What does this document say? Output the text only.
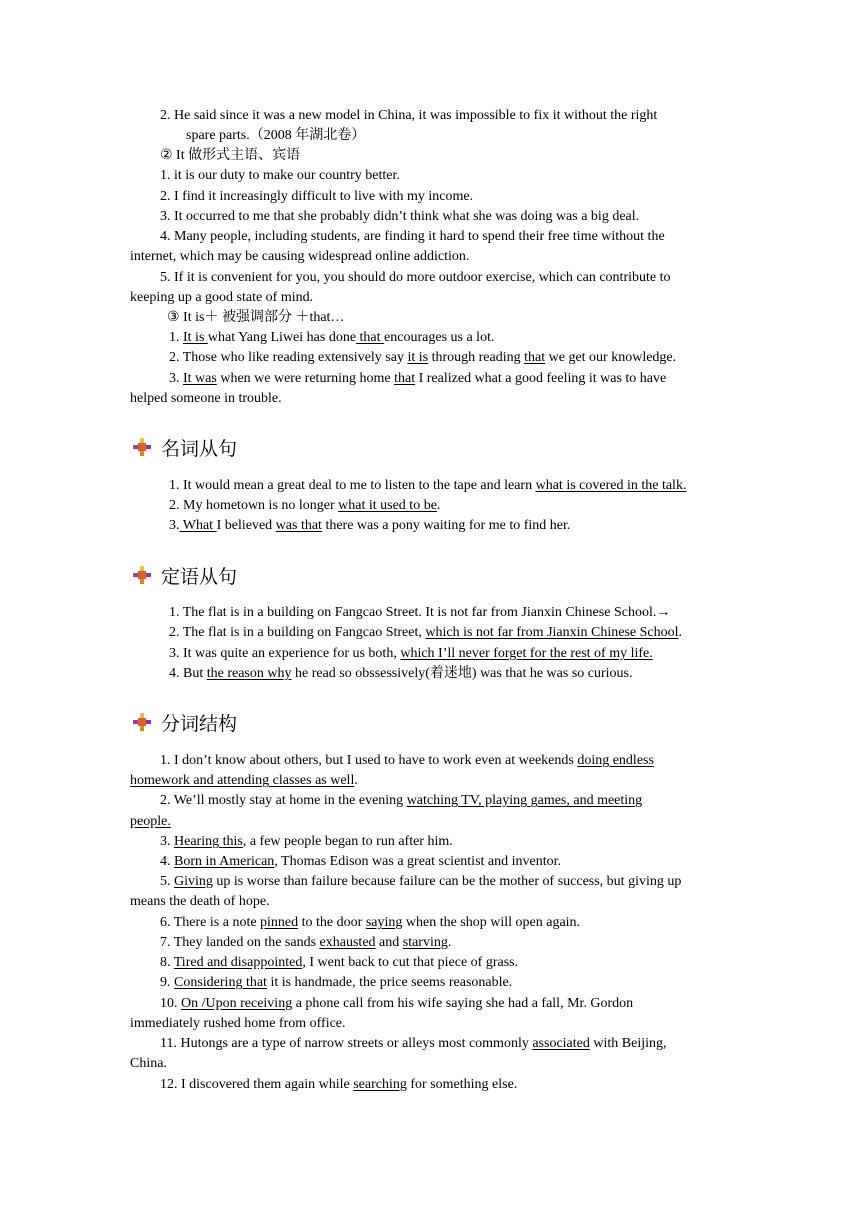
2. He said since it was a new model in China, it was impossible to fix it without the right
spare parts.（2008 年湖北卷）
② It 做形式主语、宾语
1. it is our duty to make our country better.
2. I find it increasingly difficult to live with my income.
3. It occurred to me that she probably didn’t think what she was doing was a big deal.
4. Many people, including students, are finding it hard to spend their free time without the
internet, which may be causing widespread online addiction.
5. If it is convenient for you, you should do more outdoor exercise, which can contribute to
keeping up a good state of mind.
③ It is＋ 被强调部分 ＋that…
1. It is what Yang Liwei has done that encourages us a lot.
2. Those who like reading extensively say it is through reading that we get our knowledge.
3. It was when we were returning home that I realized what a good feeling it was to have
helped someone in trouble.
名词从句
1. It would mean a great deal to me to listen to the tape and learn what is covered in the talk.
2. My hometown is no longer what it used to be.
3. What I believed was that there was a pony waiting for me to find her.
定语从句
1. The flat is in a building on Fangcao Street. It is not far from Jianxin Chinese School.→
2. The flat is in a building on Fangcao Street, which is not far from Jianxin Chinese School.
3. It was quite an experience for us both, which I’ll never forget for the rest of my life.
4. But the reason why he read so obssessively(着迷地) was that he was so curious.
分词结构
1. I don’t know about others, but I used to have to work even at weekends doing endless
homework and attending classes as well.
2. We’ll mostly stay at home in the evening watching TV, playing games, and meeting
people.
3. Hearing this, a few people began to run after him.
4. Born in American, Thomas Edison was a great scientist and inventor.
5. Giving up is worse than failure because failure can be the mother of success, but giving up
means the death of hope.
6. There is a note pinned to the door saying when the shop will open again.
7. They landed on the sands exhausted and starving.
8. Tired and disappointed, I went back to cut that piece of grass.
9. Considering that it is handmade, the price seems reasonable.
10. On /Upon receiving a phone call from his wife saying she had a fall, Mr. Gordon
immediately rushed home from office.
11. Hutongs are a type of narrow streets or alleys most commonly associated with Beijing,
China.
12. I discovered them again while searching for something else.
